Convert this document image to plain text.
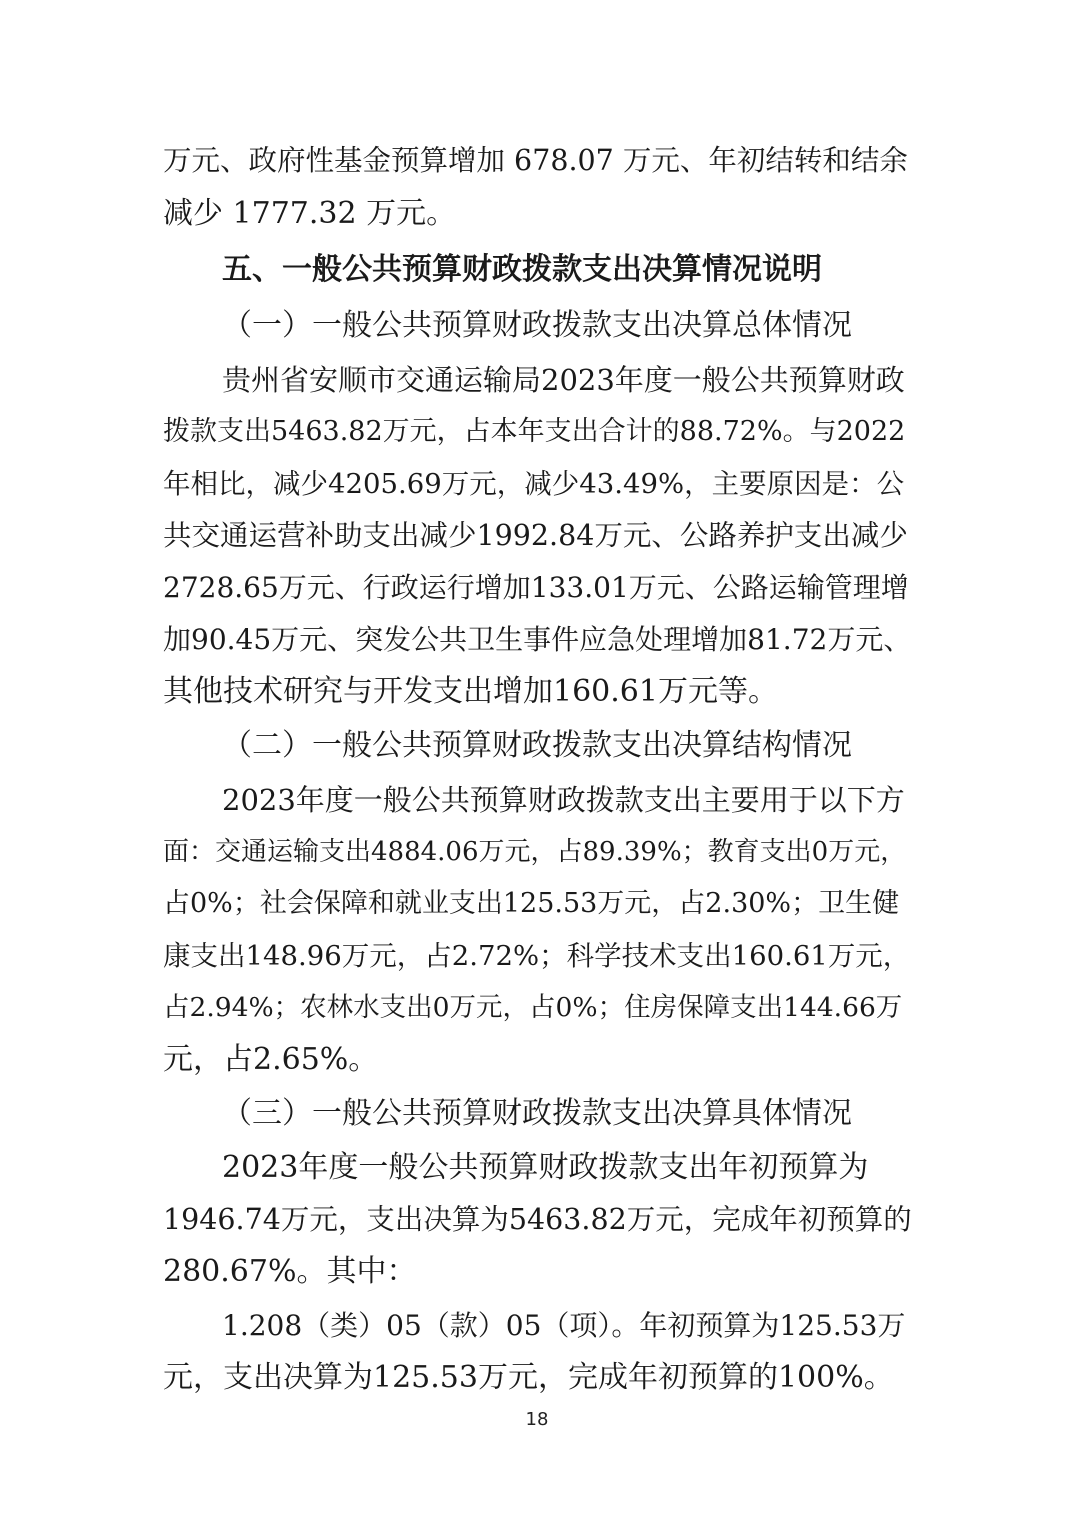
万元、政府性基金预算增加 678.07 万元、年初结转和结余

减少 1777.32 万元。

五、一般公共预算财政拨款支出决算情况说明

（一）一般公共预算财政拨款支出决算总体情况

贵州省安顺市交通运输局2023年度一般公共预算财政

拨款支出5463.82万元，占本年支出合计的88.72%。与2022

年相比，减少4205.69万元，减少43.49%，主要原因是：公

共交通运营补助支出减少1992.84万元、公路养护支出减少

2728.65万元、行政运行增加133.01万元、公路运输管理增

加90.45万元、突发公共卫生事件应急处理增加81.72万元、

其他技术研究与开发支出增加160.61万元等。

（二）一般公共预算财政拨款支出决算结构情况

2023年度一般公共预算财政拨款支出主要用于以下方

面：交通运输支出4884.06万元，占89.39%；教育支出0万元，

占0%；社会保障和就业支出125.53万元，占2.30%；卫生健

康支出148.96万元，占2.72%；科学技术支出160.61万元，

占2.94%；农林水支出0万元，占0%；住房保障支出144.66万

元，占2.65%。

（三）一般公共预算财政拨款支出决算具体情况

2023年度一般公共预算财政拨款支出年初预算为

1946.74万元，支出决算为5463.82万元，完成年初预算的

280.67%。其中：

1.208（类）05（款）05（项）。年初预算为125.53万

元，支出决算为125.53万元，完成年初预算的100%。

18
